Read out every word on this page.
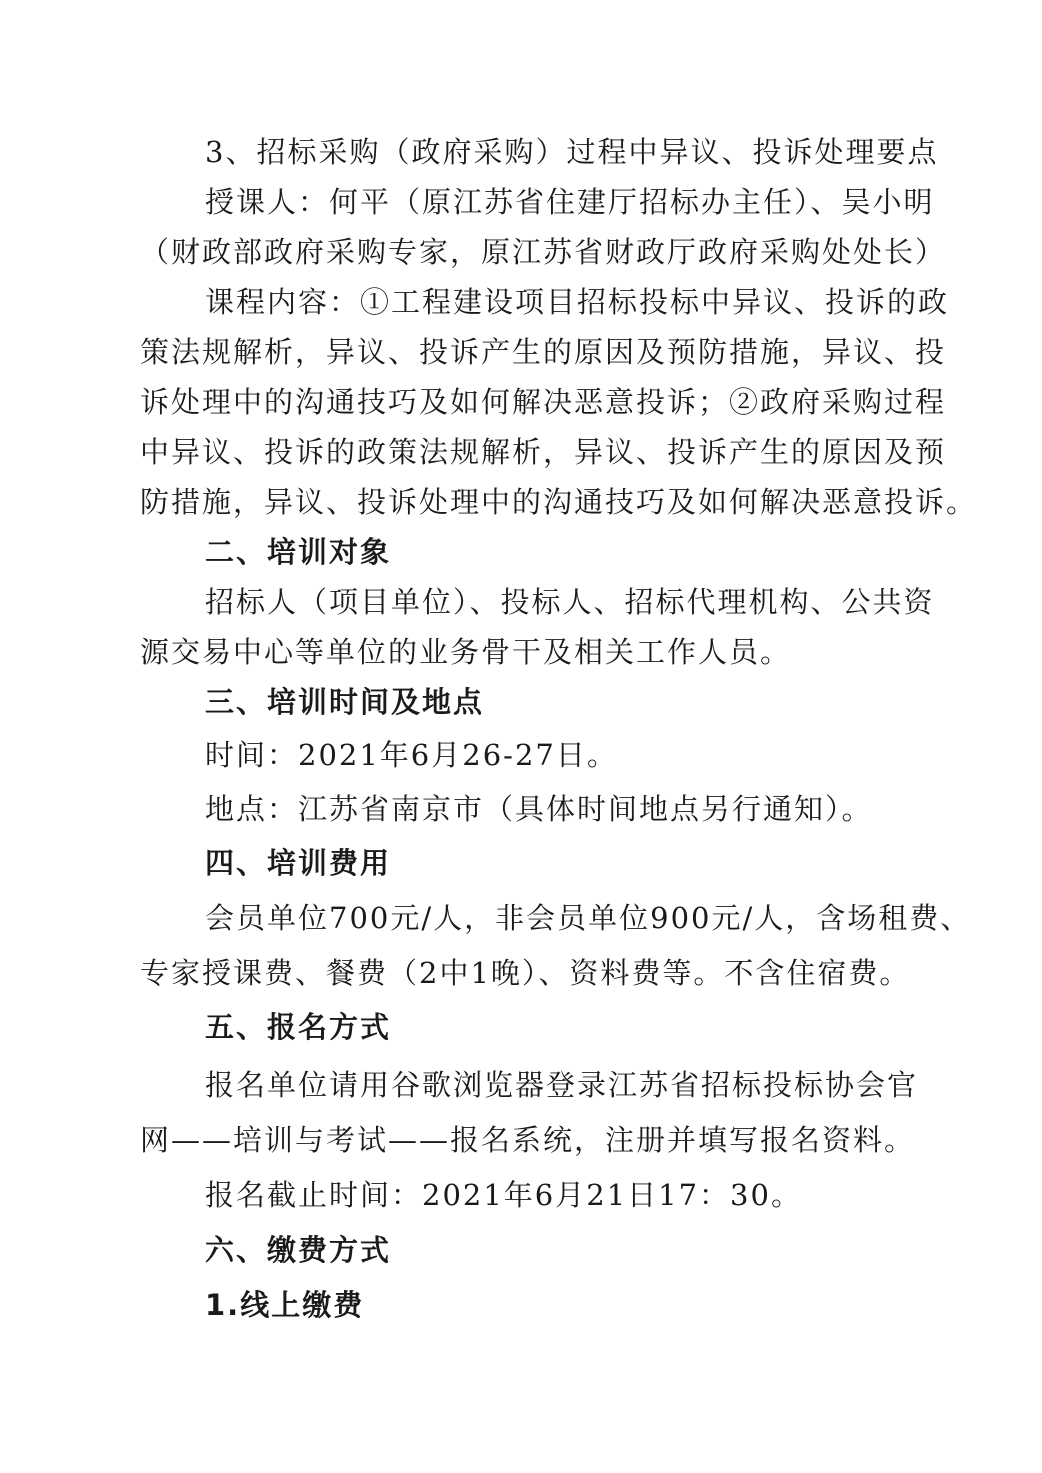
3、招标采购（政府采购）过程中异议、投诉处理要点
授课人：何平（原江苏省住建厅招标办主任）、吴小明
（财政部政府采购专家，原江苏省财政厅政府采购处处长）
课程内容：①工程建设项目招标投标中异议、投诉的政
策法规解析，异议、投诉产生的原因及预防措施，异议、投
诉处理中的沟通技巧及如何解决恶意投诉；②政府采购过程
中异议、投诉的政策法规解析，异议、投诉产生的原因及预
防措施，异议、投诉处理中的沟通技巧及如何解决恶意投诉。
二、培训对象
招标人（项目单位）、投标人、招标代理机构、公共资
源交易中心等单位的业务骨干及相关工作人员。
三、培训时间及地点
时间：2021年6月26-27日。
地点：江苏省南京市（具体时间地点另行通知）。
四、培训费用
会员单位700元/人，非会员单位900元/人，含场租费、
专家授课费、餐费（2中1晚）、资料费等。不含住宿费。
五、报名方式
报名单位请用谷歌浏览器登录江苏省招标投标协会官
网——培训与考试——报名系统，注册并填写报名资料。
报名截止时间：2021年6月21日17：30。
六、缴费方式
1.线上缴费
